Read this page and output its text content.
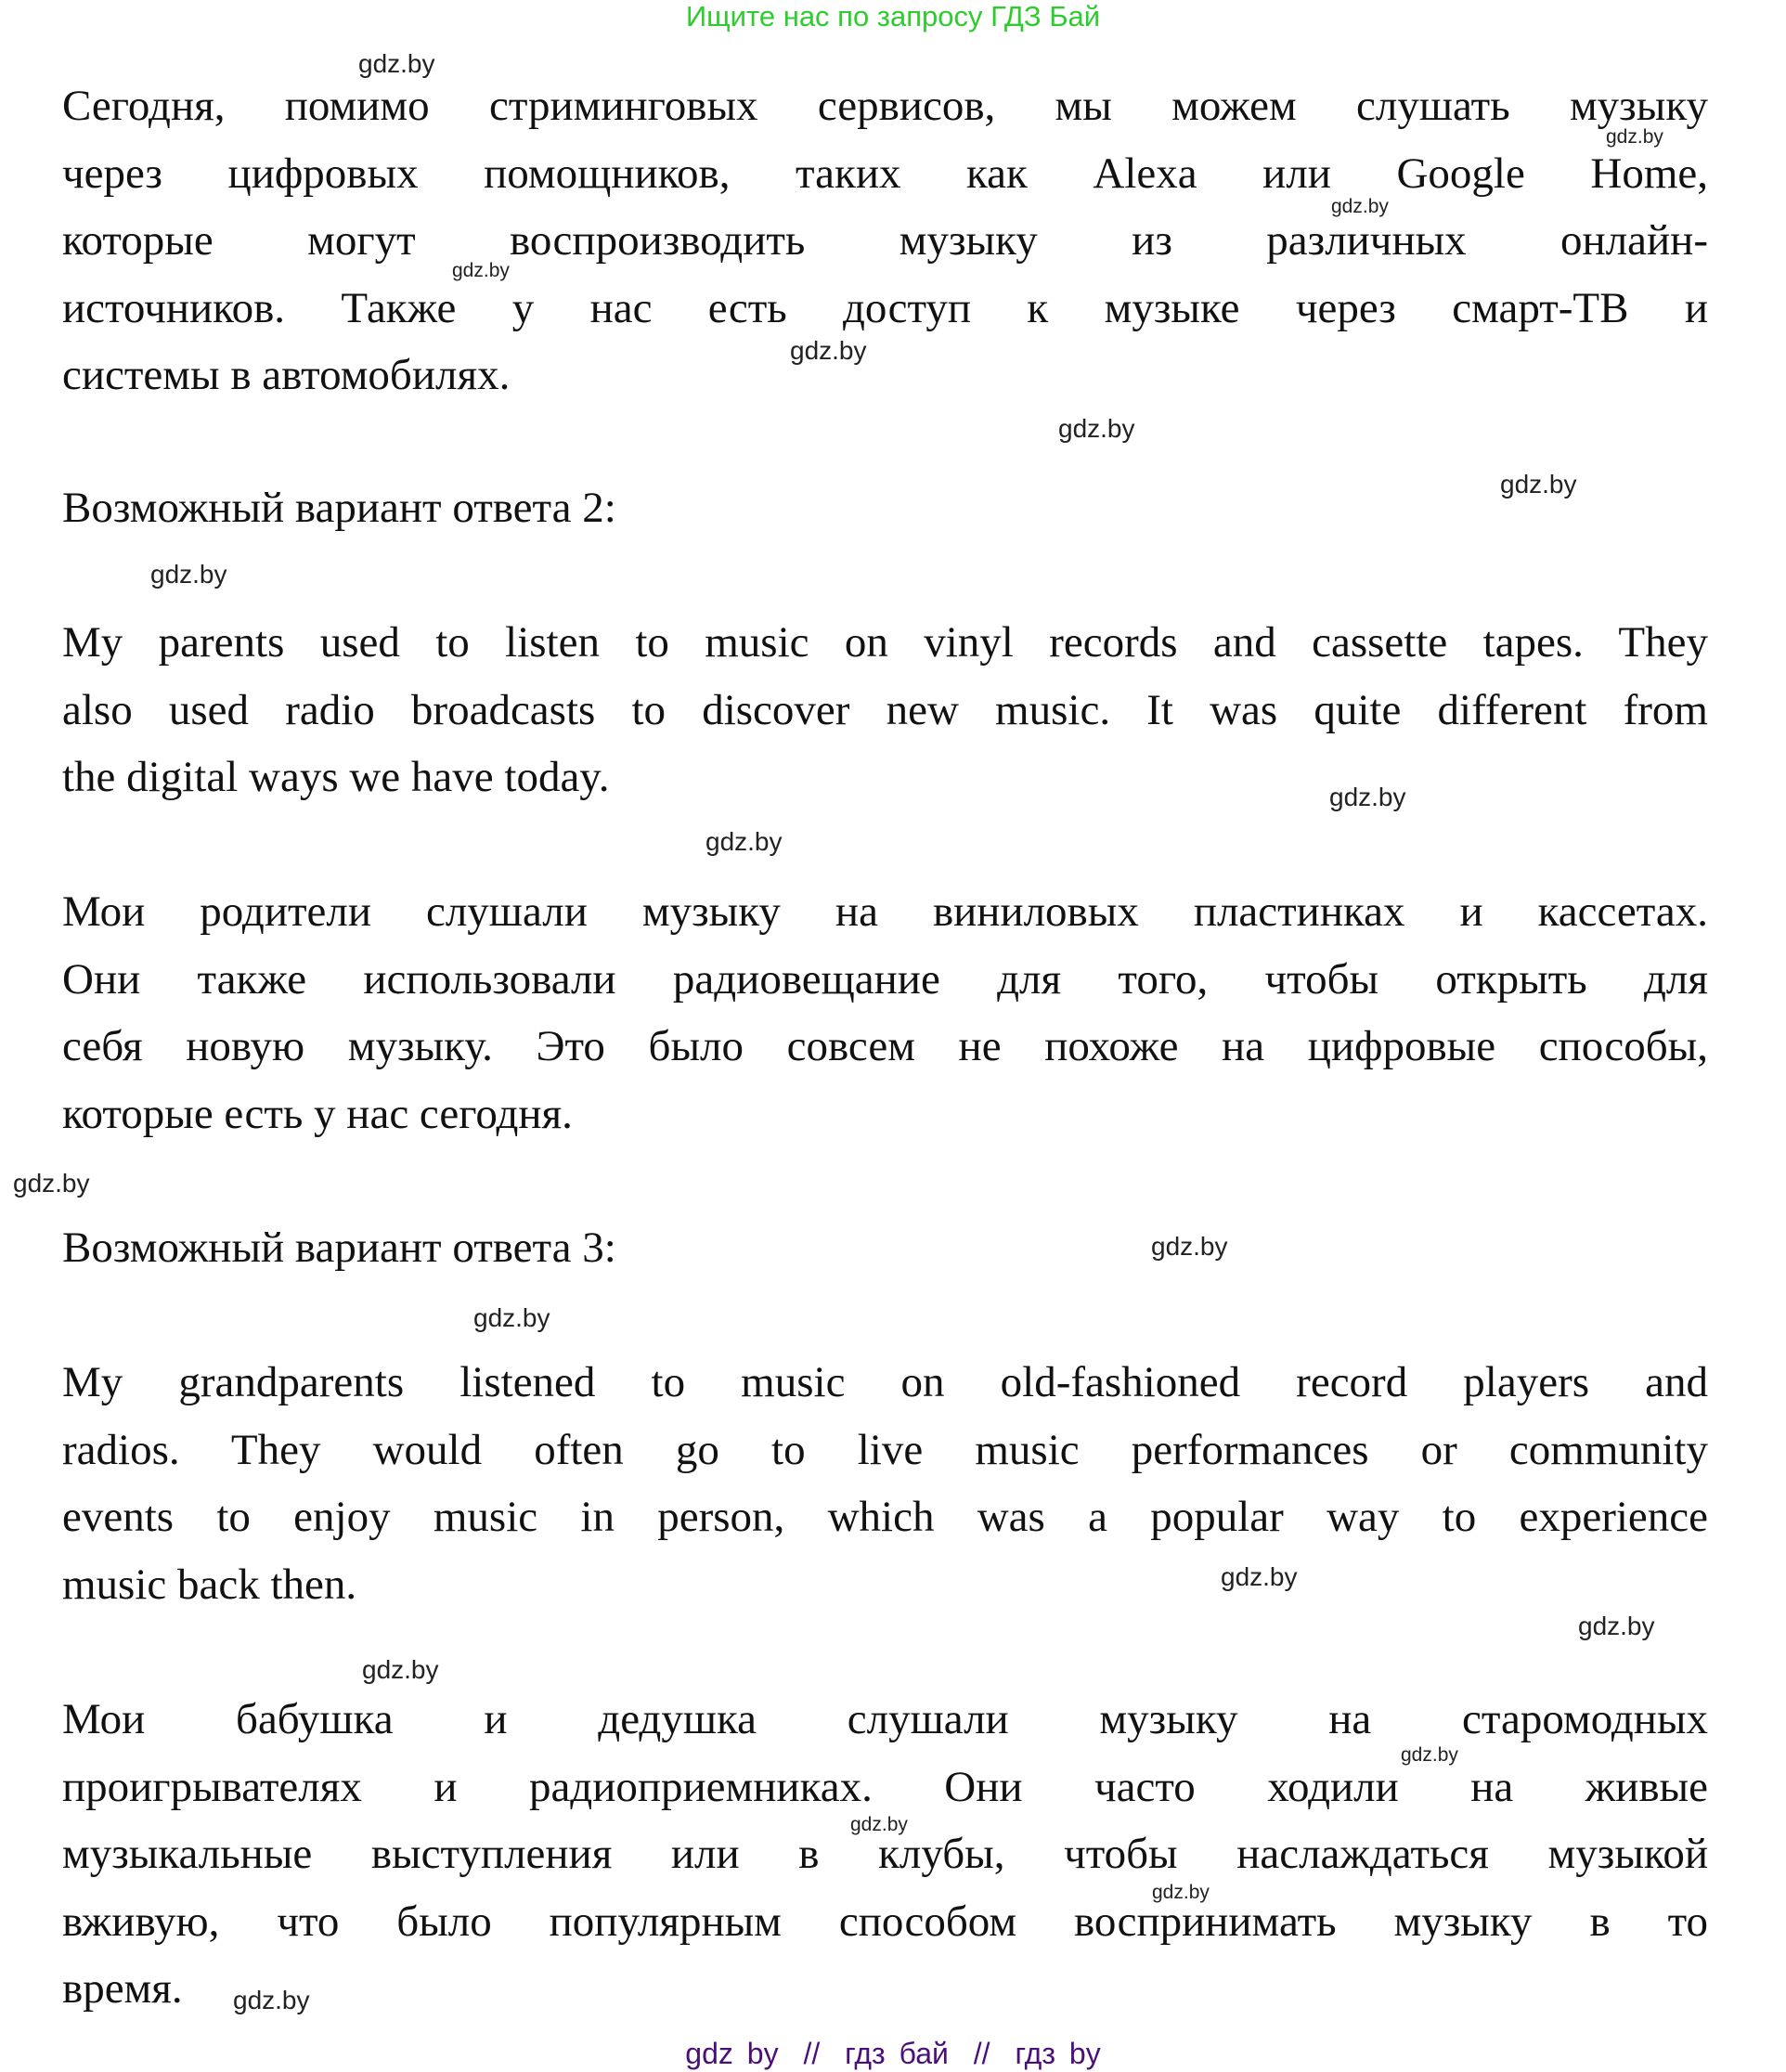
Ищите нас по запросу ГДЗ Бай
Сегодня, помимо стриминговых сервисов, мы можем слушать музыку
через цифровых помощников, таких как Alexa или Google Home,
которые могут воспроизводить музыку из различных онлайн-
источников. Также у нас есть доступ к музыке через смарт-ТВ и
системы в автомобилях.
Возможный вариант ответа 2:
My parents used to listen to music on vinyl records and cassette tapes. They
also used radio broadcasts to discover new music. It was quite different from
the digital ways we have today.
Мои родители слушали музыку на виниловых пластинках и кассетах.
Они также использовали радиовещание для того, чтобы открыть для
себя новую музыку. Это было совсем не похоже на цифровые способы,
которые есть у нас сегодня.
Возможный вариант ответа 3:
My grandparents listened to music on old-fashioned record players and
radios. They would often go to live music performances or community
events to enjoy music in person, which was a popular way to experience
music back then.
Мои бабушка и дедушка слушали музыку на старомодных
проигрывателях и радиоприемниках. Они часто ходили на живые
музыкальные выступления или в клубы, чтобы наслаждаться музыкой
вживую, что было популярным способом воспринимать музыку в то
время.
gdz.by
gdz.by
gdz.by
gdz.by
gdz.by
gdz.by
gdz.by
gdz.by
gdz.by
gdz.by
gdz.by
gdz.by
gdz.by
gdz.by
gdz.by
gdz.by
gdz.by
gdz.by
gdz.by
gdz.by
gdz by // гдз бай // гдз by
